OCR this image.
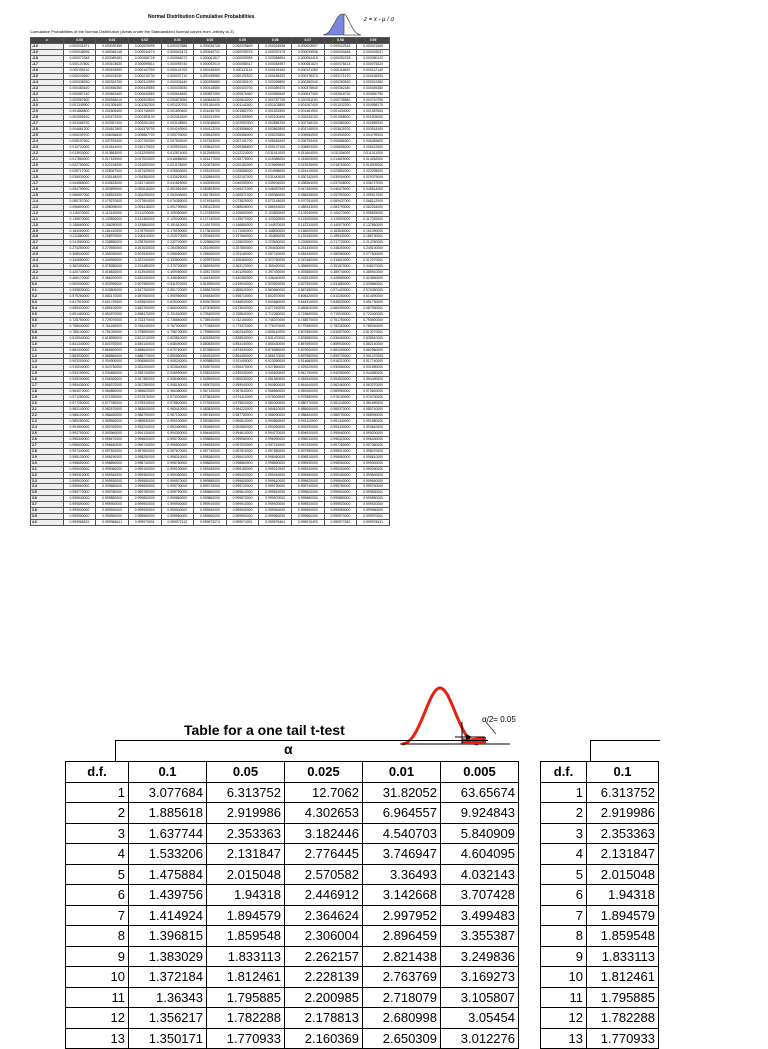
Normal Distribution Cumulative Probabilities	z = x - μ / σ
Cumulative Probabilities of the Normal Distribution (Areas under the Standardized Normal curves from -infinity to Z)
z	0.00	0.01	0.02	0.03	0.04	0.05	0.06	0.07	0.08	0.09
-4.0	0.000031671	0.000030359	0.000029099	0.000027888	0.000026726	0.000025609	0.000024536	0.000023507	0.000022518	0.000021569
-3.9	0.000048096	0.000046148	0.000044274	0.000042473	0.000040741	0.000039076	0.000037475	0.000035936	0.000034458	0.000033037
-3.8	0.000072348	0.000069483	0.000066726	0.000064072	0.000061517	0.000059059	0.000056694	0.000054418	0.000052228	0.000050122
-3.7	0.000107800	0.000103630	0.000099611	0.000095740	0.000092010	0.000088417	0.000084957	0.000081624	0.000078414	0.000075324
-3.6	0.000159110	0.000153090	0.000147290	0.000141700	0.000136300	0.000131110	0.000126100	0.000121280	0.000116630	0.000112140
-3.5	0.000232630	0.000224030	0.000215730	0.000207710	0.000199980	0.000192520	0.000185320	0.000178370	0.000171670	0.000165200
-3.4	0.000336930	0.000324750	0.000312990	0.000301640	0.000290680	0.000280100	0.000269890	0.000260040	0.000250530	0.000241350
-3.3	0.000483420	0.000466350	0.000449850	0.000433930	0.000418550	0.000403700	0.000389370	0.000375540	0.000362180	0.000349280
-3.2	0.000687140	0.000663460	0.000640560	0.000618450	0.000597090	0.000576460	0.000556540	0.000537300	0.000518730	0.000500790
-3.1	0.000967600	0.000935010	0.000903500	0.000873050	0.000843630	0.000815200	0.000787730	0.000761190	0.000735550	0.000710790
-3.0	0.001349900	0.001305400	0.001262300	0.001220700	0.001180400	0.001141500	0.001103800	0.001067400	0.001032200	0.000998170
-2.9	0.001865800	0.001805400	0.001746900	0.001690400	0.001635700	0.001582700	0.001531500	0.001481900	0.001434000	0.001387600
-2.8	0.002555100	0.002472000	0.002393100	0.002316200	0.002241900	0.002169900	0.002100400	0.002033100	0.001968000	0.001905000
-2.7	0.003466700	0.003357400	0.003251300	0.003148500	0.003048800	0.002952300	0.002858700	0.002768100	0.002680300	0.002595200
-2.6	0.004661200	0.004517800	0.004378700	0.004243900	0.004113200	0.003986600	0.003863900	0.003745000	0.003629700	0.003518100
-2.5	0.006209700	0.006036600	0.005867700	0.005703000	0.005542500	0.005386000	0.005233500	0.005084900	0.004940200	0.004799200
-2.4	0.008197500	0.007976400	0.007760300	0.007549100	0.007343000	0.007141700	0.006945200	0.006753400	0.006566300	0.006383600
-2.3	0.010724000	0.010444000	0.010170000	0.009903100	0.009642000	0.009386600	0.009137100	0.008893300	0.008655200	0.008422500
-2.2	0.013903000	0.013553000	0.013209000	0.012874000	0.012545000	0.012224000	0.011911000	0.011604000	0.011304000	0.011011000
-2.1	0.017864000	0.017429000	0.017003000	0.016586000	0.016177000	0.015778000	0.015386000	0.015003000	0.014629000	0.014262000
-2.0	0.022750000	0.022216000	0.021692000	0.021178000	0.020675000	0.020182000	0.019699000	0.019226000	0.018763000	0.018309000
-1.9	0.028717000	0.028067000	0.027429000	0.026803000	0.026190000	0.025588000	0.024998000	0.024419000	0.023852000	0.023295000
-1.8	0.035930000	0.035148000	0.034380000	0.033625000	0.032884000	0.032157000	0.031443000	0.030742000	0.030054000	0.029379000
-1.7	0.044565000	0.043633000	0.042716000	0.041815000	0.040930000	0.040059000	0.039204000	0.038364000	0.037538000	0.036727000
-1.6	0.054799000	0.053699000	0.052616000	0.051551000	0.050503000	0.049471000	0.048457000	0.047460000	0.046479000	0.045514000
-1.5	0.066807000	0.065522000	0.064255000	0.063008000	0.061780000	0.060571000	0.059380000	0.058208000	0.057053000	0.055917000
-1.4	0.080757000	0.079270000	0.077804000	0.076359000	0.074934000	0.073529000	0.072145000	0.070781000	0.069437000	0.068112000
-1.3	0.096800000	0.095098000	0.093418000	0.091759000	0.090123000	0.088508000	0.086915000	0.085343000	0.083793000	0.082264000
-1.2	0.115070000	0.113140000	0.111230000	0.109350000	0.107490000	0.105650000	0.103830000	0.102040000	0.100270000	0.098525000
-1.1	0.135670000	0.133500000	0.131360000	0.129240000	0.127140000	0.125070000	0.123020000	0.121000000	0.119000000	0.117020000
-1.0	0.158660000	0.156250000	0.153860000	0.151510000	0.149170000	0.146860000	0.144570000	0.142310000	0.140070000	0.137860000
-0.9	0.184060000	0.181410000	0.178790000	0.176190000	0.173610000	0.171060000	0.168530000	0.166020000	0.163540000	0.161090000
-0.8	0.211860000	0.208970000	0.206110000	0.203270000	0.200450000	0.197660000	0.194890000	0.192150000	0.189430000	0.186730000
-0.7	0.241960000	0.238850000	0.235760000	0.232700000	0.229650000	0.226630000	0.223630000	0.220650000	0.217700000	0.214760000
-0.6	0.274250000	0.270930000	0.267630000	0.264350000	0.261090000	0.257850000	0.254630000	0.251430000	0.248250000	0.245100000
-0.5	0.308540000	0.305030000	0.301530000	0.298060000	0.294600000	0.291160000	0.287740000	0.284340000	0.280960000	0.277600000
-0.4	0.344580000	0.340900000	0.337240000	0.333600000	0.329970000	0.326360000	0.322760000	0.319180000	0.315610000	0.312070000
-0.3	0.382090000	0.378280000	0.374480000	0.370700000	0.366930000	0.363170000	0.359420000	0.355690000	0.351970000	0.348270000
-0.2	0.420740000	0.416830000	0.412940000	0.409050000	0.405170000	0.401290000	0.397430000	0.393580000	0.389740000	0.385910000
-0.1	0.460170000	0.456200000	0.452240000	0.448280000	0.444330000	0.440380000	0.436440000	0.432510000	0.428580000	0.424650000
0.0	0.500000000	0.503990000	0.507980000	0.511970000	0.515950000	0.519940000	0.523920000	0.527900000	0.531880000	0.535860000
0.1	0.539830000	0.543800000	0.547760000	0.551720000	0.555670000	0.559620000	0.563560000	0.567490000	0.571420000	0.575350000
0.2	0.579260000	0.583170000	0.587060000	0.590950000	0.594830000	0.598710000	0.602570000	0.606420000	0.610260000	0.614090000
0.3	0.617910000	0.621720000	0.625520000	0.629300000	0.633070000	0.636830000	0.640580000	0.644310000	0.648030000	0.651730000
0.4	0.655420000	0.659100000	0.662760000	0.666400000	0.670030000	0.673640000	0.677240000	0.680820000	0.684390000	0.687930000
0.5	0.691460000	0.694970000	0.698470000	0.701940000	0.705400000	0.708840000	0.712260000	0.715660000	0.719040000	0.722400000
0.6	0.725750000	0.729070000	0.732370000	0.735650000	0.738910000	0.742150000	0.745370000	0.748570000	0.751750000	0.754900000
0.7	0.758040000	0.761150000	0.764240000	0.767300000	0.770350000	0.773370000	0.776370000	0.779350000	0.782300000	0.785240000
0.8	0.788140000	0.791030000	0.793890000	0.796730000	0.799550000	0.802340000	0.805110000	0.807850000	0.810570000	0.813270000
0.9	0.815940000	0.818590000	0.821210000	0.823810000	0.826390000	0.828940000	0.831470000	0.833980000	0.836460000	0.838910000
1.0	0.841340000	0.843750000	0.846140000	0.848490000	0.850830000	0.853140000	0.855430000	0.857690000	0.859930000	0.862140000
1.1	0.864330000	0.866500000	0.868640000	0.870760000	0.872860000	0.874930000	0.876980000	0.879000000	0.881000000	0.882980000
1.2	0.884930000	0.886860000	0.888770000	0.890650000	0.892510000	0.894350000	0.896170000	0.897960000	0.899730000	0.901470000
1.3	0.903200000	0.904900000	0.906580000	0.908240000	0.909880000	0.911490000	0.913090000	0.914660000	0.916210000	0.917740000
1.4	0.919240000	0.920730000	0.922200000	0.923640000	0.925070000	0.926470000	0.927860000	0.929220000	0.930560000	0.931890000
1.5	0.933190000	0.934480000	0.935740000	0.936990000	0.938220000	0.939430000	0.940620000	0.941790000	0.942950000	0.944080000
1.6	0.945200000	0.946300000	0.947380000	0.948450000	0.949500000	0.950530000	0.951540000	0.952540000	0.953520000	0.954490000
1.7	0.955430000	0.956370000	0.957280000	0.958180000	0.959070000	0.959940000	0.960800000	0.961640000	0.962460000	0.963270000
1.8	0.964070000	0.964850000	0.965620000	0.966380000	0.967120000	0.967840000	0.968560000	0.969260000	0.969950000	0.970620000
1.9	0.971280000	0.971930000	0.972570000	0.973200000	0.973810000	0.974410000	0.975000000	0.975580000	0.976150000	0.976700000
2.0	0.977250000	0.977780000	0.978310000	0.978820000	0.979320000	0.979820000	0.980300000	0.980770000	0.981240000	0.981690000
2.1	0.982140000	0.982570000	0.983000000	0.983410000	0.983820000	0.984220000	0.984610000	0.985000000	0.985370000	0.985740000
2.2	0.986100000	0.986450000	0.986790000	0.987130000	0.987450000	0.987780000	0.988090000	0.988400000	0.988700000	0.988990000
2.3	0.989280000	0.989560000	0.989830000	0.990100000	0.990360000	0.990610000	0.990860000	0.991110000	0.991340000	0.991580000
2.4	0.991800000	0.992020000	0.992240000	0.992450000	0.992660000	0.992860000	0.993050000	0.993250000	0.993430000	0.993610000
2.5	0.993790000	0.993960000	0.994130000	0.994300000	0.994460000	0.994610000	0.994770000	0.994920000	0.995060000	0.995200000
2.6	0.995340000	0.995470000	0.995600000	0.995730000	0.995850000	0.995980000	0.996090000	0.996210000	0.996320000	0.996430000
2.7	0.996530000	0.996640000	0.996740000	0.996830000	0.996930000	0.997020000	0.997110000	0.997200000	0.997280000	0.997360000
2.8	0.997440000	0.997520000	0.997600000	0.997670000	0.997740000	0.997810000	0.997880000	0.997950000	0.998010000	0.998070000
2.9	0.998130000	0.998190000	0.998250000	0.998310000	0.998360000	0.998410000	0.998460000	0.998510000	0.998560000	0.998610000
3.0	0.998650000	0.998690000	0.998740000	0.998780000	0.998820000	0.998860000	0.998890000	0.998930000	0.998960000	0.999000000
3.1	0.999030000	0.999060000	0.999100000	0.999130000	0.999160000	0.999180000	0.999210000	0.999240000	0.999260000	0.999290000
3.2	0.999310000	0.999340000	0.999360000	0.999380000	0.999400000	0.999420000	0.999440000	0.999460000	0.999480000	0.999500000
3.3	0.999520000	0.999530000	0.999550000	0.999570000	0.999580000	0.999600000	0.999610000	0.999620000	0.999640000	0.999650000
3.4	0.999660000	0.999680000	0.999690000	0.999700000	0.999710000	0.999720000	0.999730000	0.999740000	0.999750000	0.999760000
3.5	0.999770000	0.999780000	0.999780000	0.999790000	0.999800000	0.999810000	0.999810000	0.999820000	0.999830000	0.999830000
3.6	0.999840000	0.999850000	0.999850000	0.999860000	0.999860000	0.999870000	0.999870000	0.999880000	0.999880000	0.999890000
3.7	0.999890000	0.999900000	0.999900000	0.999900000	0.999910000	0.999910000	0.999920000	0.999920000	0.999920000	0.999920000
3.8	0.999930000	0.999930000	0.999930000	0.999940000	0.999940000	0.999940000	0.999940000	0.999950000	0.999950000	0.999950000
3.9	0.999950000	0.999950000	0.999960000	0.999960000	0.999960000	0.999960000	0.999960000	0.999960000	0.999970000	0.999970000
4.0	0.999968329	0.999969641	0.999970901	0.999972112	0.999973274	0.999974391	0.999975464	0.999976493	0.999977482	0.999978431
α/2= 0.05
Table for a one tail t-test
α
d.f.	0.1	0.05	0.025	0.01	0.005
1	3.077684	6.313752	12.7062	31.82052	63.65674
2	1.885618	2.919986	4.302653	6.964557	9.924843
3	1.637744	2.353363	3.182446	4.540703	5.840909
4	1.533206	2.131847	2.776445	3.746947	4.604095
5	1.475884	2.015048	2.570582	3.36493	4.032143
6	1.439756	1.94318	2.446912	3.142668	3.707428
7	1.414924	1.894579	2.364624	2.997952	3.499483
8	1.396815	1.859548	2.306004	2.896459	3.355387
9	1.383029	1.833113	2.262157	2.821438	3.249836
10	1.372184	1.812461	2.228139	2.763769	3.169273
11	1.36343	1.795885	2.200985	2.718079	3.105807
12	1.356217	1.782288	2.178813	2.680998	3.05454
13	1.350171	1.770933	2.160369	2.650309	3.012276
d.f.	0.1
1	6.313752
2	2.919986
3	2.353363
4	2.131847
5	2.015048
6	1.94318
7	1.894579
8	1.859548
9	1.833113
10	1.812461
11	1.795885
12	1.782288
13	1.770933
